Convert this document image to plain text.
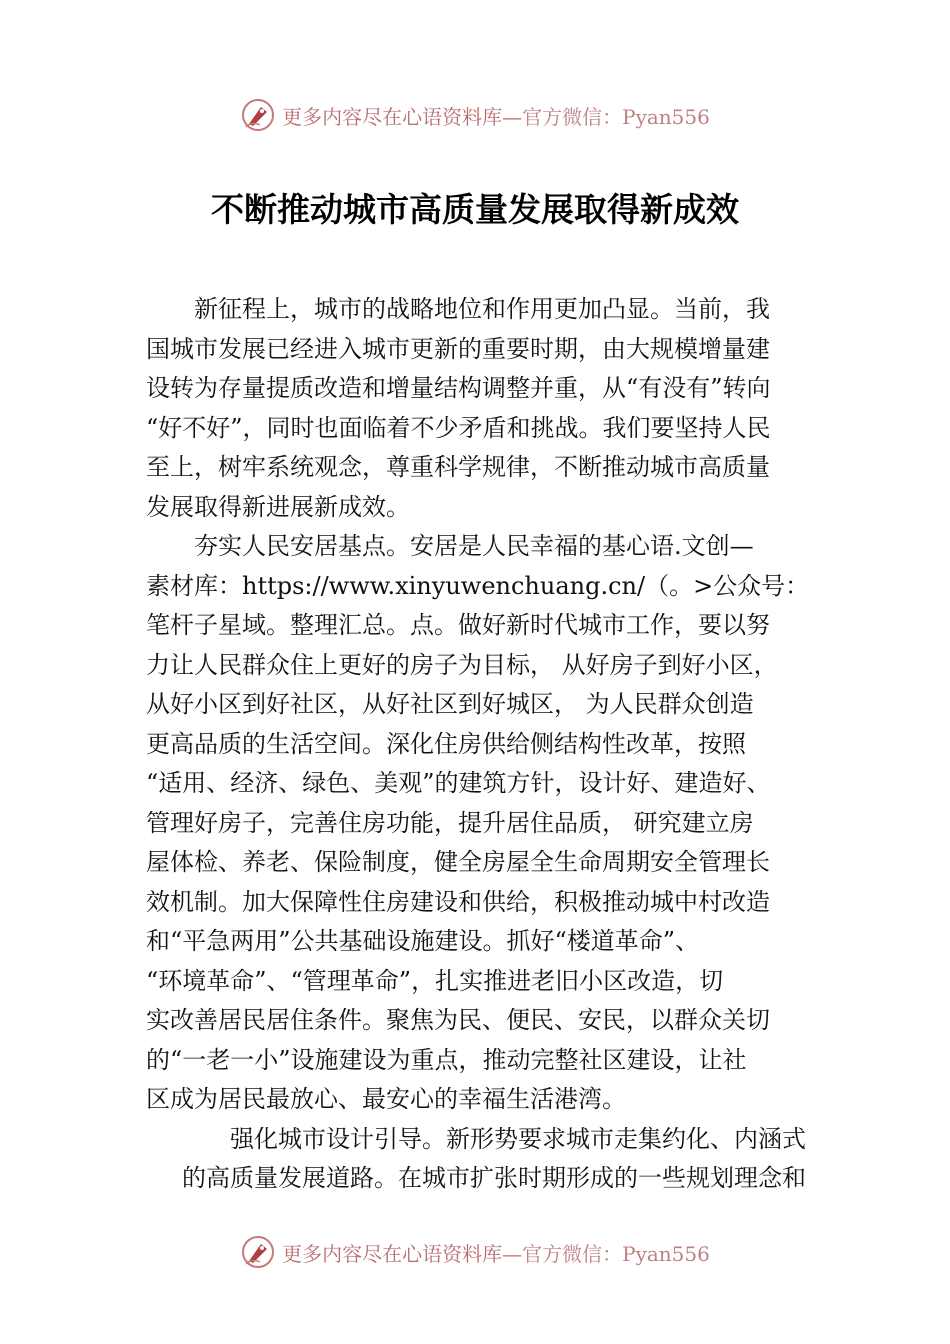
更多内容尽在心语资料库—官方微信：Pyan556
不断推动城市高质量发展取得新成效
新征程上，城市的战略地位和作用更加凸显。当前，我
国城市发展已经进入城市更新的重要时期，由大规模增量建
设转为存量提质改造和增量结构调整并重，从“有没有”转向
“好不好”，同时也面临着不少矛盾和挑战。我们要坚持人民
至上，树牢系统观念，尊重科学规律，不断推动城市高质量
发展取得新进展新成效。
夯实人民安居基点。安居是人民幸福的基心语.文创—
素材库：https://www.xinyuwenchuang.cn/（。>公众号：
笔杆子星域。整理汇总。点。做好新时代城市工作，要以努
力让人民群众住上更好的房子为目标， 从好房子到好小区，
从好小区到好社区，从好社区到好城区， 为人民群众创造
更高品质的生活空间。深化住房供给侧结构性改革，按照
“适用、经济、绿色、美观”的建筑方针，设计好、建造好、
管理好房子，完善住房功能，提升居住品质， 研究建立房
屋体检、养老、保险制度，健全房屋全生命周期安全管理长
效机制。加大保障性住房建设和供给，积极推动城中村改造
和“平急两用”公共基础设施建设。抓好“楼道革命”、
“环境革命”、“管理革命”，扎实推进老旧小区改造，切
实改善居民居住条件。聚焦为民、便民、安民，以群众关切
的“一老一小”设施建设为重点，推动完整社区建设，让社
区成为居民最放心、最安心的幸福生活港湾。
强化城市设计引导。新形势要求城市走集约化、内涵式
的高质量发展道路。在城市扩张时期形成的一些规划理念和
更多内容尽在心语资料库—官方微信：Pyan556
